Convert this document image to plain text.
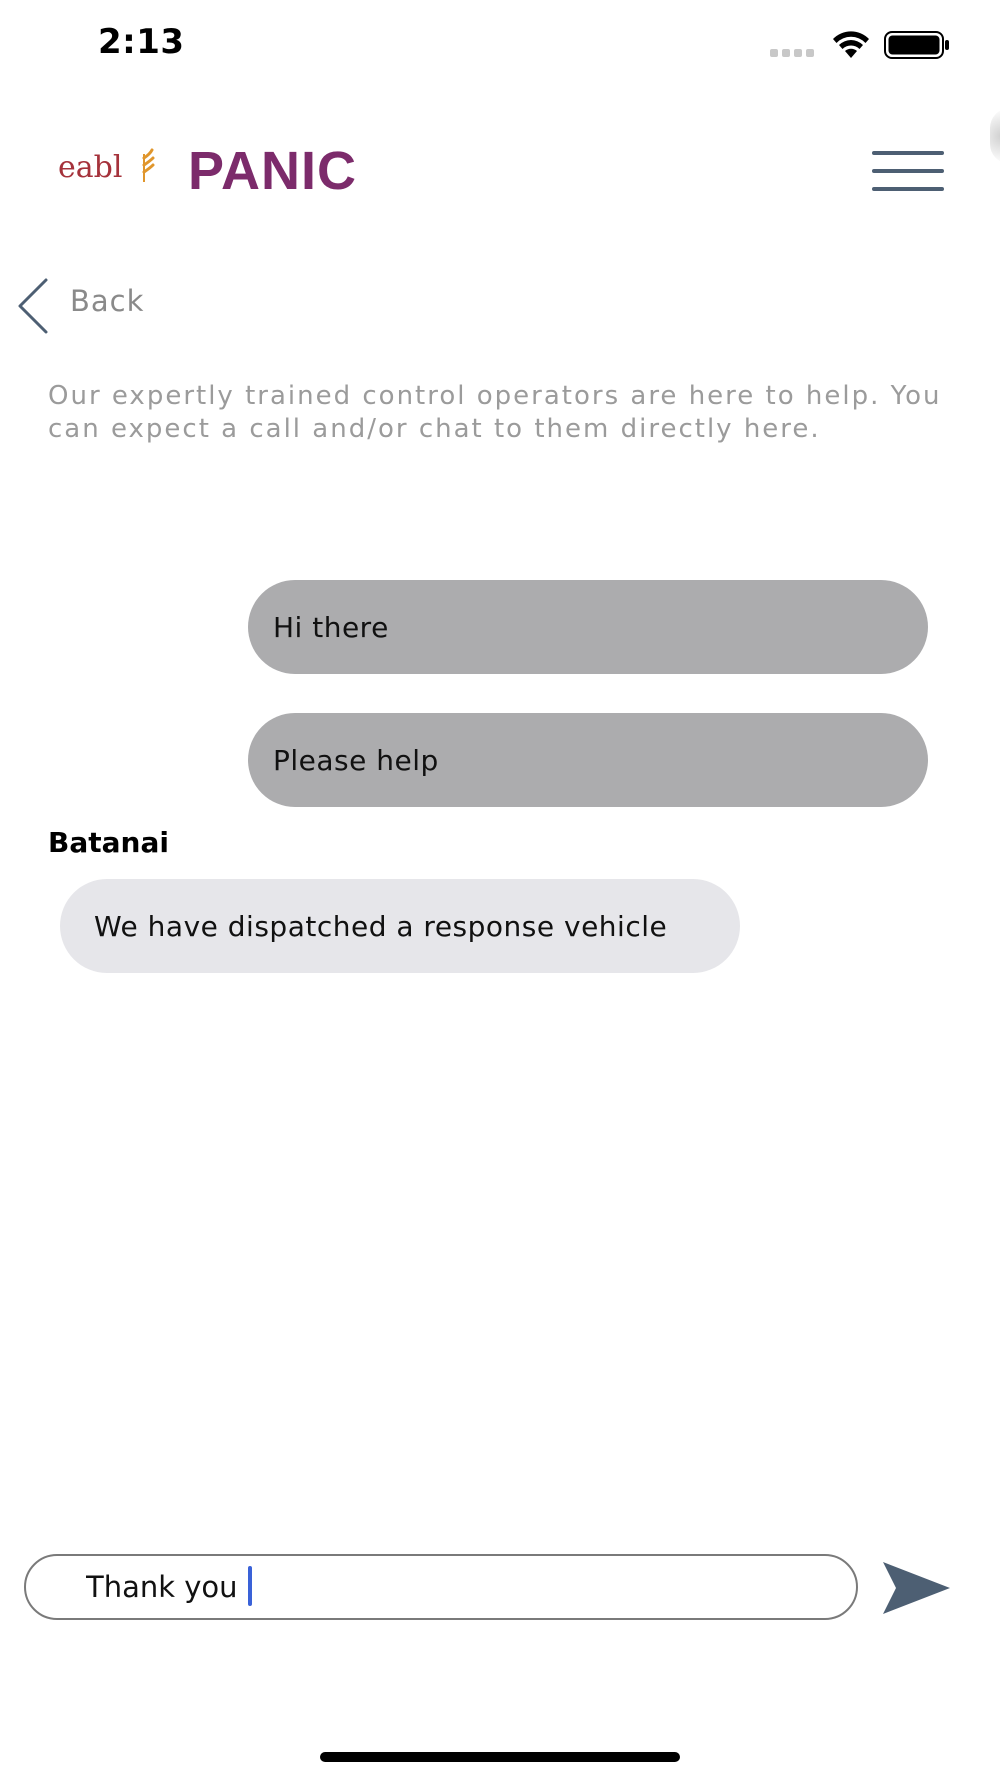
2:13
eabl PANIC
Back

Our expertly trained control operators are here to help. You can expect a call and/or chat to them directly here.

Hi there
Please help
Batanai
We have dispatched a response vehicle
Thank you
